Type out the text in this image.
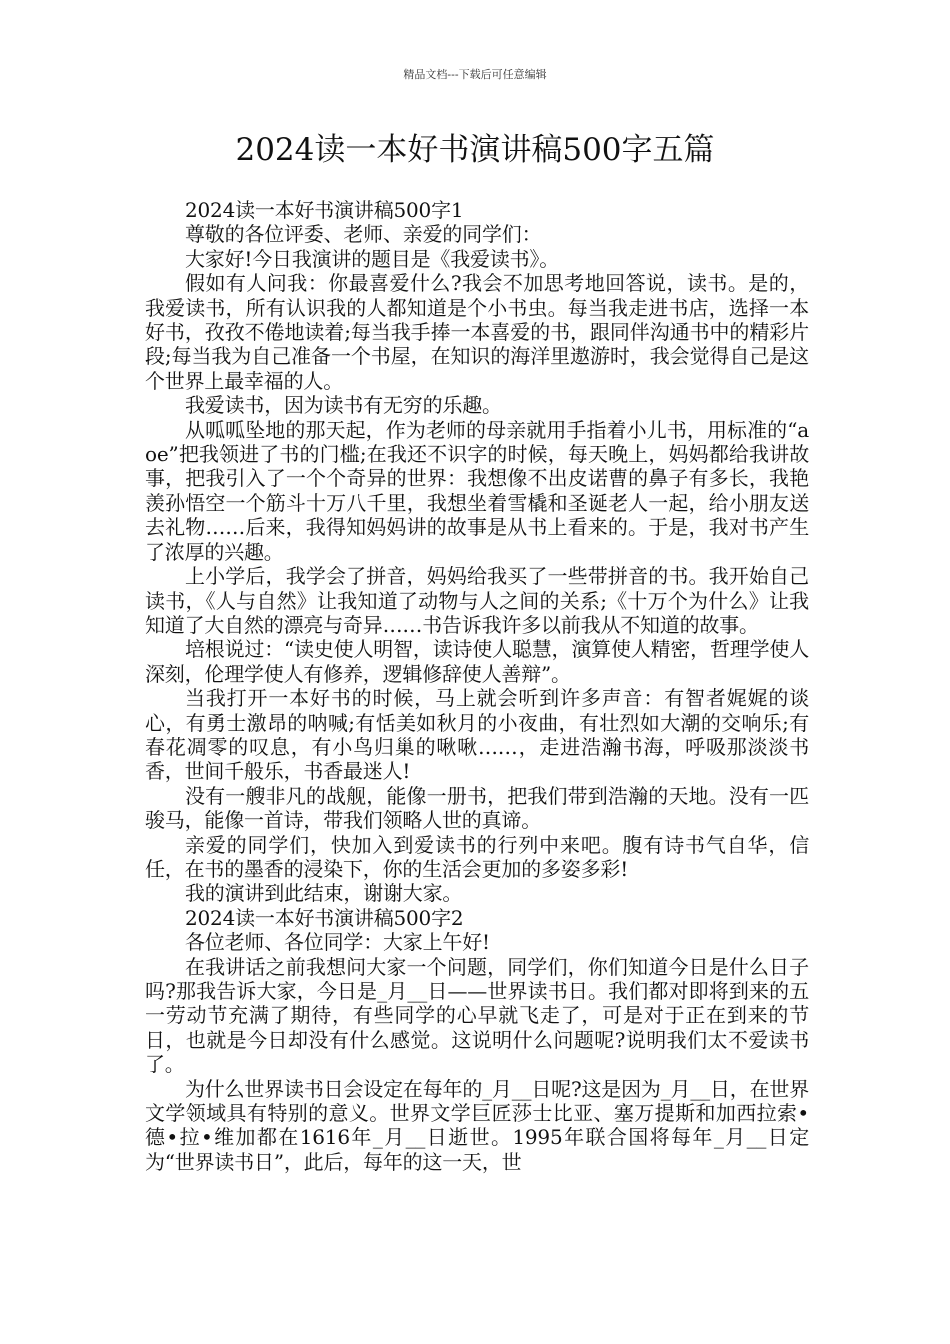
精品文档---下载后可任意编辑
2024读一本好书演讲稿500字五篇

2024读一本好书演讲稿500字1

尊敬的各位评委、老师、亲爱的同学们：

大家好!今日我演讲的题目是《我爱读书》。

假如有人问我：你最喜爱什么?我会不加思考地回答说，读书。是的，我爱读书，所有认识我的人都知道是个小书虫。每当我走进书店，选择一本好书，孜孜不倦地读着;每当我手捧一本喜爱的书，跟同伴沟通书中的精彩片段;每当我为自己准备一个书屋，在知识的海洋里遨游时，我会觉得自己是这个世界上最幸福的人。

我爱读书，因为读书有无穷的乐趣。

从呱呱坠地的那天起，作为老师的母亲就用手指着小儿书，用标准的“aoe”把我领进了书的门槛;在我还不识字的时候，每天晚上，妈妈都给我讲故事，把我引入了一个个奇异的世界：我想像不出皮诺曹的鼻子有多长，我艳羡孙悟空一个筋斗十万八千里，我想坐着雪橇和圣诞老人一起，给小朋友送去礼物……后来，我得知妈妈讲的故事是从书上看来的。于是，我对书产生了浓厚的兴趣。

上小学后，我学会了拼音，妈妈给我买了一些带拼音的书。我开始自己读书，《人与自然》让我知道了动物与人之间的关系;《十万个为什么》让我知道了大自然的漂亮与奇异……书告诉我许多以前我从不知道的故事。

培根说过：“读史使人明智，读诗使人聪慧，演算使人精密，哲理学使人深刻，伦理学使人有修养，逻辑修辞使人善辩”。

当我打开一本好书的时候，马上就会听到许多声音：有智者娓娓的谈心，有勇士激昂的呐喊;有恬美如秋月的小夜曲，有壮烈如大潮的交响乐;有春花凋零的叹息，有小鸟归巢的啾啾……，走进浩瀚书海，呼吸那淡淡书香，世间千般乐，书香最迷人!

没有一艘非凡的战舰，能像一册书，把我们带到浩瀚的天地。没有一匹骏马，能像一首诗，带我们领略人世的真谛。

亲爱的同学们，快加入到爱读书的行列中来吧。腹有诗书气自华，信任，在书的墨香的浸染下，你的生活会更加的多姿多彩!

我的演讲到此结束，谢谢大家。

2024读一本好书演讲稿500字2

各位老师、各位同学：大家上午好!

在我讲话之前我想问大家一个问题，同学们，你们知道今日是什么日子吗?那我告诉大家，今日是_月__日——世界读书日。我们都对即将到来的五一劳动节充满了期待，有些同学的心早就飞走了，可是对于正在到来的节日，也就是今日却没有什么感觉。这说明什么问题呢?说明我们太不爱读书了。

为什么世界读书日会设定在每年的_月__日呢?这是因为_月__日，在世界文学领域具有特别的意义。世界文学巨匠莎士比亚、塞万提斯和加西拉索•德•拉•维加都在1616年_月__日逝世。1995年联合国将每年_月__日定为“世界读书日”，此后，每年的这一天，世
